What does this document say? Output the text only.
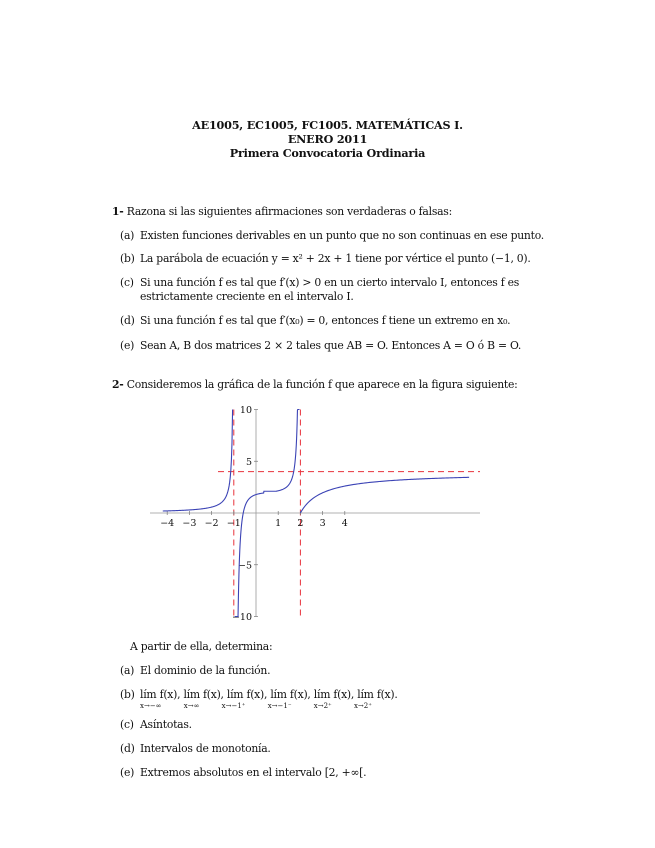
AE1005, EC1005, FC1005. MATEMÁTICAS I.
ENERO 2011
Primera Convocatoria Ordinaria
1- Razona si las siguientes afirmaciones son verdaderas o falsas:
(a) Existen funciones derivables en un punto que no son continuas en ese punto.
(b) La parábola de ecuación y = x² + 2x + 1 tiene por vértice el punto (−1, 0).
(c) Si una función f es tal que f′(x) > 0 en un cierto intervalo I, entonces f es
estrictamente creciente en el intervalo I.
(d) Si una función f es tal que f′(x₀) = 0, entonces f tiene un extremo en x₀.
(e) Sean A, B dos matrices 2 × 2 tales que AB = O. Entonces A = O ó B = O.
2- Consideremos la gráfica de la función f que aparece en la figura siguiente:
−4 −3 −2 −1	1 2 3 4
10
5
−5
−10
A partir de ella, determina:
(a) El dominio de la función.
(b) lím f(x), lím f(x), lím f(x), lím f(x), lím f(x), lím f(x).
x→−∞	x→∞	x→−1⁺	x→−1⁻	x→2⁺	x→2⁺
(c) Asíntotas.
(d) Intervalos de monotonía.
(e) Extremos absolutos en el intervalo [2, +∞[.
